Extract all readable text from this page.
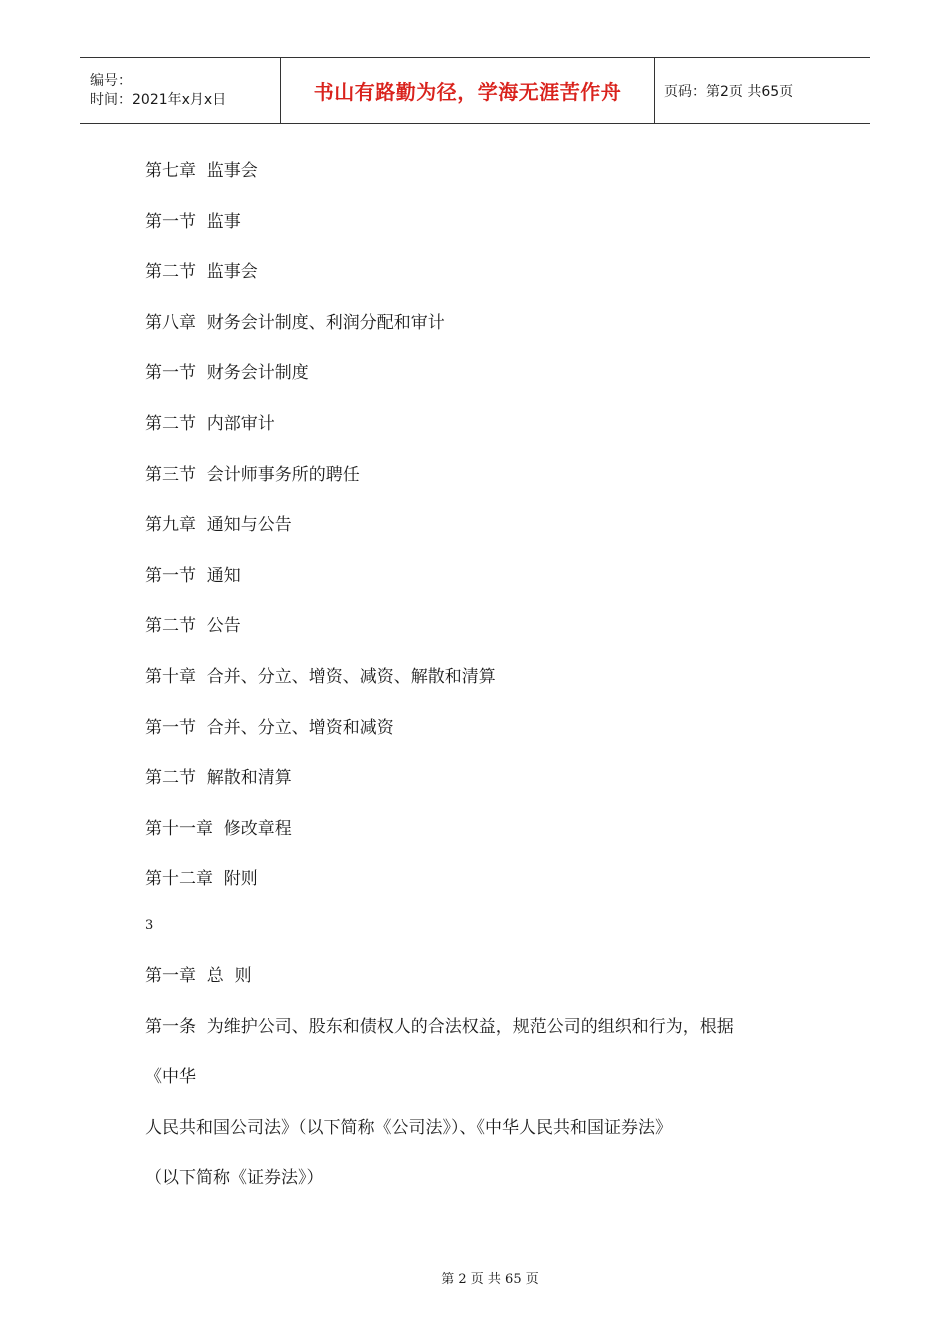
编号：
时间：2021年x月x日	书山有路勤为径，学海无涯苦作舟	页码：第2页 共65页
第七章  监事会
第一节  监事
第二节  监事会
第八章  财务会计制度、利润分配和审计
第一节  财务会计制度
第二节  内部审计
第三节  会计师事务所的聘任
第九章  通知与公告
第一节  通知
第二节  公告
第十章  合并、分立、增资、减资、解散和清算
第一节  合并、分立、增资和减资
第二节  解散和清算
第十一章  修改章程
第十二章  附则
3
第一章  总  则
第一条  为维护公司、股东和债权人的合法权益，规范公司的组织和行为，根据
《中华
人民共和国公司法》（以下简称《公司法》）、《中华人民共和国证券法》
（以下简称《证券法》）
第 2 页 共 65 页
